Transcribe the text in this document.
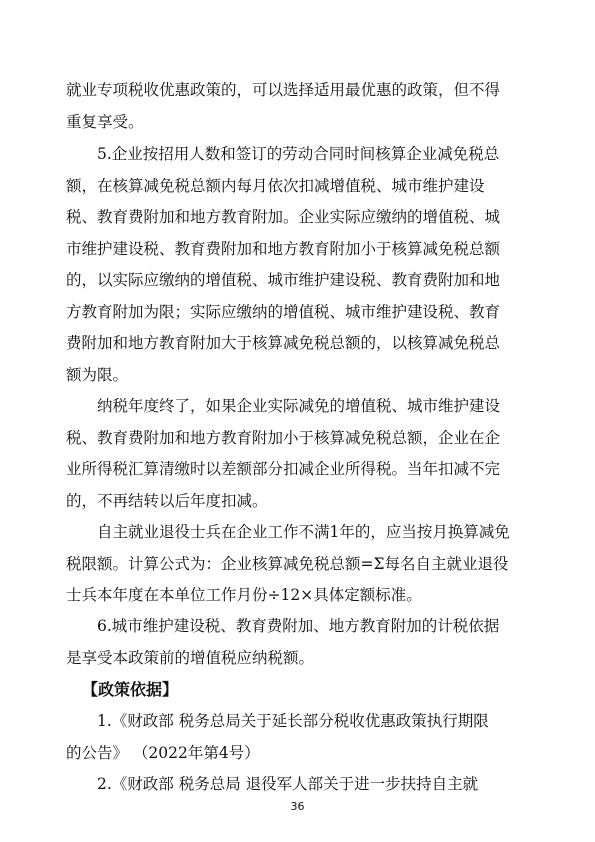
就业专项税收优惠政策的，可以选择适用最优惠的政策，但不得
重复享受。

5.企业按招用人数和签订的劳动合同时间核算企业减免税总
额，在核算减免税总额内每月依次扣减增值税、城市维护建设
税、教育费附加和地方教育附加。企业实际应缴纳的增值税、城
市维护建设税、教育费附加和地方教育附加小于核算减免税总额
的，以实际应缴纳的增值税、城市维护建设税、教育费附加和地
方教育附加为限；实际应缴纳的增值税、城市维护建设税、教育
费附加和地方教育附加大于核算减免税总额的，以核算减免税总
额为限。

纳税年度终了，如果企业实际减免的增值税、城市维护建设
税、教育费附加和地方教育附加小于核算减免税总额，企业在企
业所得税汇算清缴时以差额部分扣减企业所得税。当年扣减不完
的，不再结转以后年度扣减。

自主就业退役士兵在企业工作不满1年的，应当按月换算减免
税限额。计算公式为：企业核算减免税总额=Σ每名自主就业退役
士兵本年度在本单位工作月份÷12×具体定额标准。

6.城市维护建设税、教育费附加、地方教育附加的计税依据
是享受本政策前的增值税应纳税额。

【政策依据】

1.《财政部 税务总局关于延长部分税收优惠政策执行期限
的公告》 （2022年第4号）

2.《财政部 税务总局 退役军人部关于进一步扶持自主就

36
